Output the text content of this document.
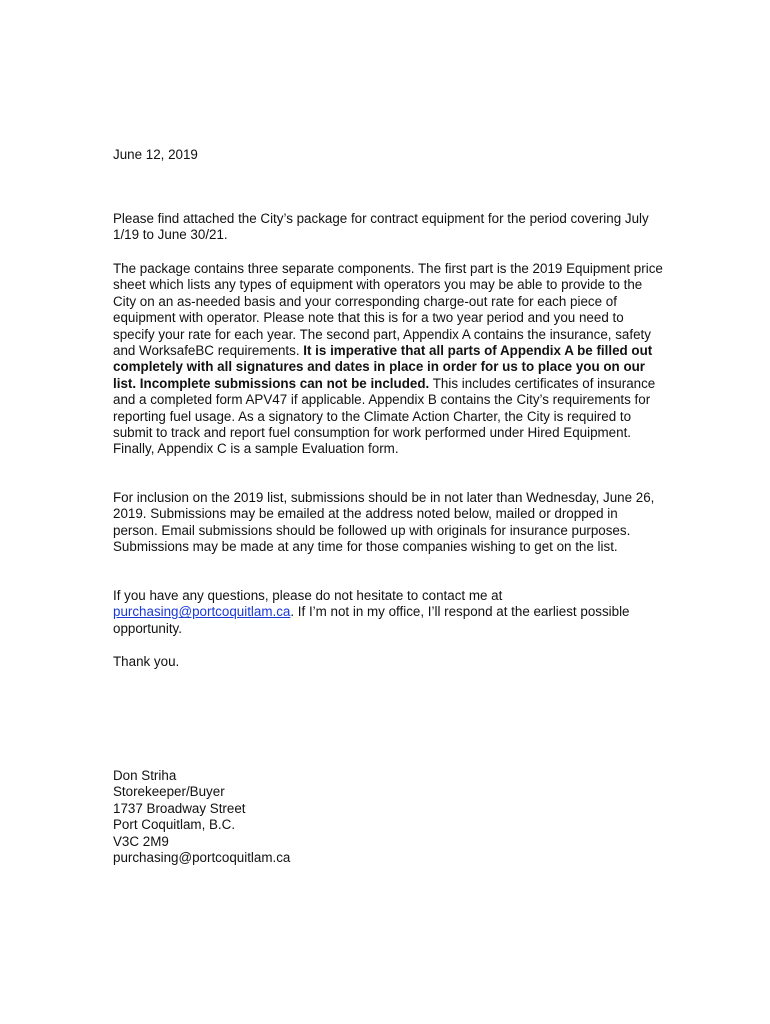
June 12, 2019

Please find attached the City’s package for contract equipment for the period covering July 1/19 to June 30/21.

The package contains three separate components. The first part is the 2019 Equipment price sheet which lists any types of equipment with operators you may be able to provide to the City on an as-needed basis and your corresponding charge-out rate for each piece of equipment with operator. Please note that this is for a two year period and you need to specify your rate for each year. The second part, Appendix A contains the insurance, safety and WorksafeBC requirements. It is imperative that all parts of Appendix A be filled out completely with all signatures and dates in place in order for us to place you on our list. Incomplete submissions can not be included. This includes certificates of insurance and a completed form APV47 if applicable. Appendix B contains the City’s requirements for reporting fuel usage. As a signatory to the Climate Action Charter, the City is required to submit to track and report fuel consumption for work performed under Hired Equipment. Finally, Appendix C is a sample Evaluation form.

For inclusion on the 2019 list, submissions should be in not later than Wednesday, June 26, 2019. Submissions may be emailed at the address noted below, mailed or dropped in person. Email submissions should be followed up with originals for insurance purposes. Submissions may be made at any time for those companies wishing to get on the list.

If you have any questions, please do not hesitate to contact me at purchasing@portcoquitlam.ca. If I’m not in my office, I’ll respond at the earliest possible opportunity.

Thank you.

Don Striha
Storekeeper/Buyer
1737 Broadway Street
Port Coquitlam, B.C.
V3C 2M9
purchasing@portcoquitlam.ca
